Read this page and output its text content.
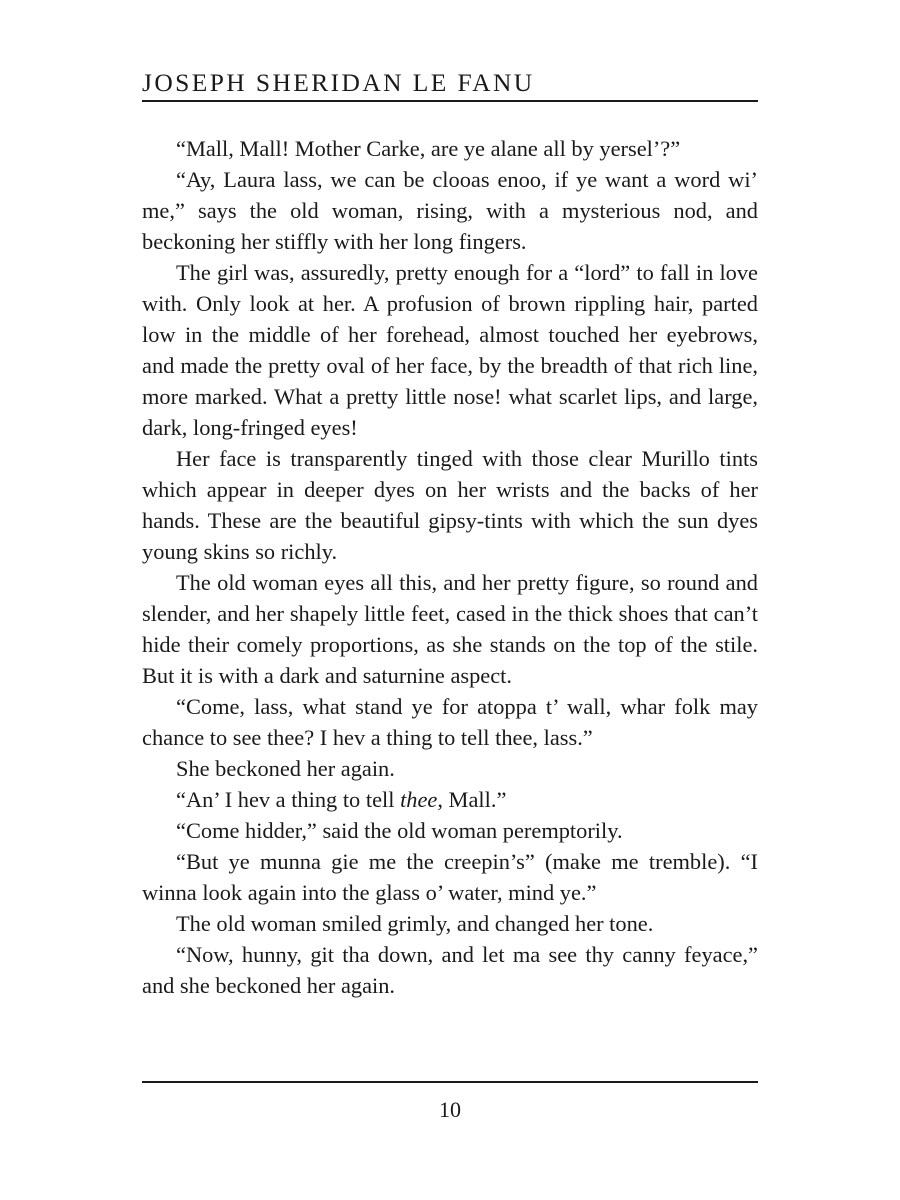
JOSEPH SHERIDAN LE FANU

“Mall, Mall! Mother Carke, are ye alane all by yersel’?”

“Ay, Laura lass, we can be clooas enoo, if ye want a word wi’ me,” says the old woman, rising, with a mysterious nod, and beckoning her stiffly with her long fingers.

The girl was, assuredly, pretty enough for a “lord” to fall in love with. Only look at her. A profusion of brown rippling hair, parted low in the middle of her forehead, almost touched her eyebrows, and made the pretty oval of her face, by the breadth of that rich line, more marked. What a pretty little nose! what scarlet lips, and large, dark, long-fringed eyes!

Her face is transparently tinged with those clear Murillo tints which appear in deeper dyes on her wrists and the backs of her hands. These are the beautiful gipsy-tints with which the sun dyes young skins so richly.

The old woman eyes all this, and her pretty figure, so round and slender, and her shapely little feet, cased in the thick shoes that can’t hide their comely proportions, as she stands on the top of the stile. But it is with a dark and saturnine aspect.

“Come, lass, what stand ye for atoppa t’ wall, whar folk may chance to see thee? I hev a thing to tell thee, lass.”

She beckoned her again.

“An’ I hev a thing to tell thee, Mall.”

“Come hidder,” said the old woman peremptorily.

“But ye munna gie me the creepin’s” (make me tremble). “I winna look again into the glass o’ water, mind ye.”

The old woman smiled grimly, and changed her tone.

“Now, hunny, git tha down, and let ma see thy canny feyace,” and she beckoned her again.

10
